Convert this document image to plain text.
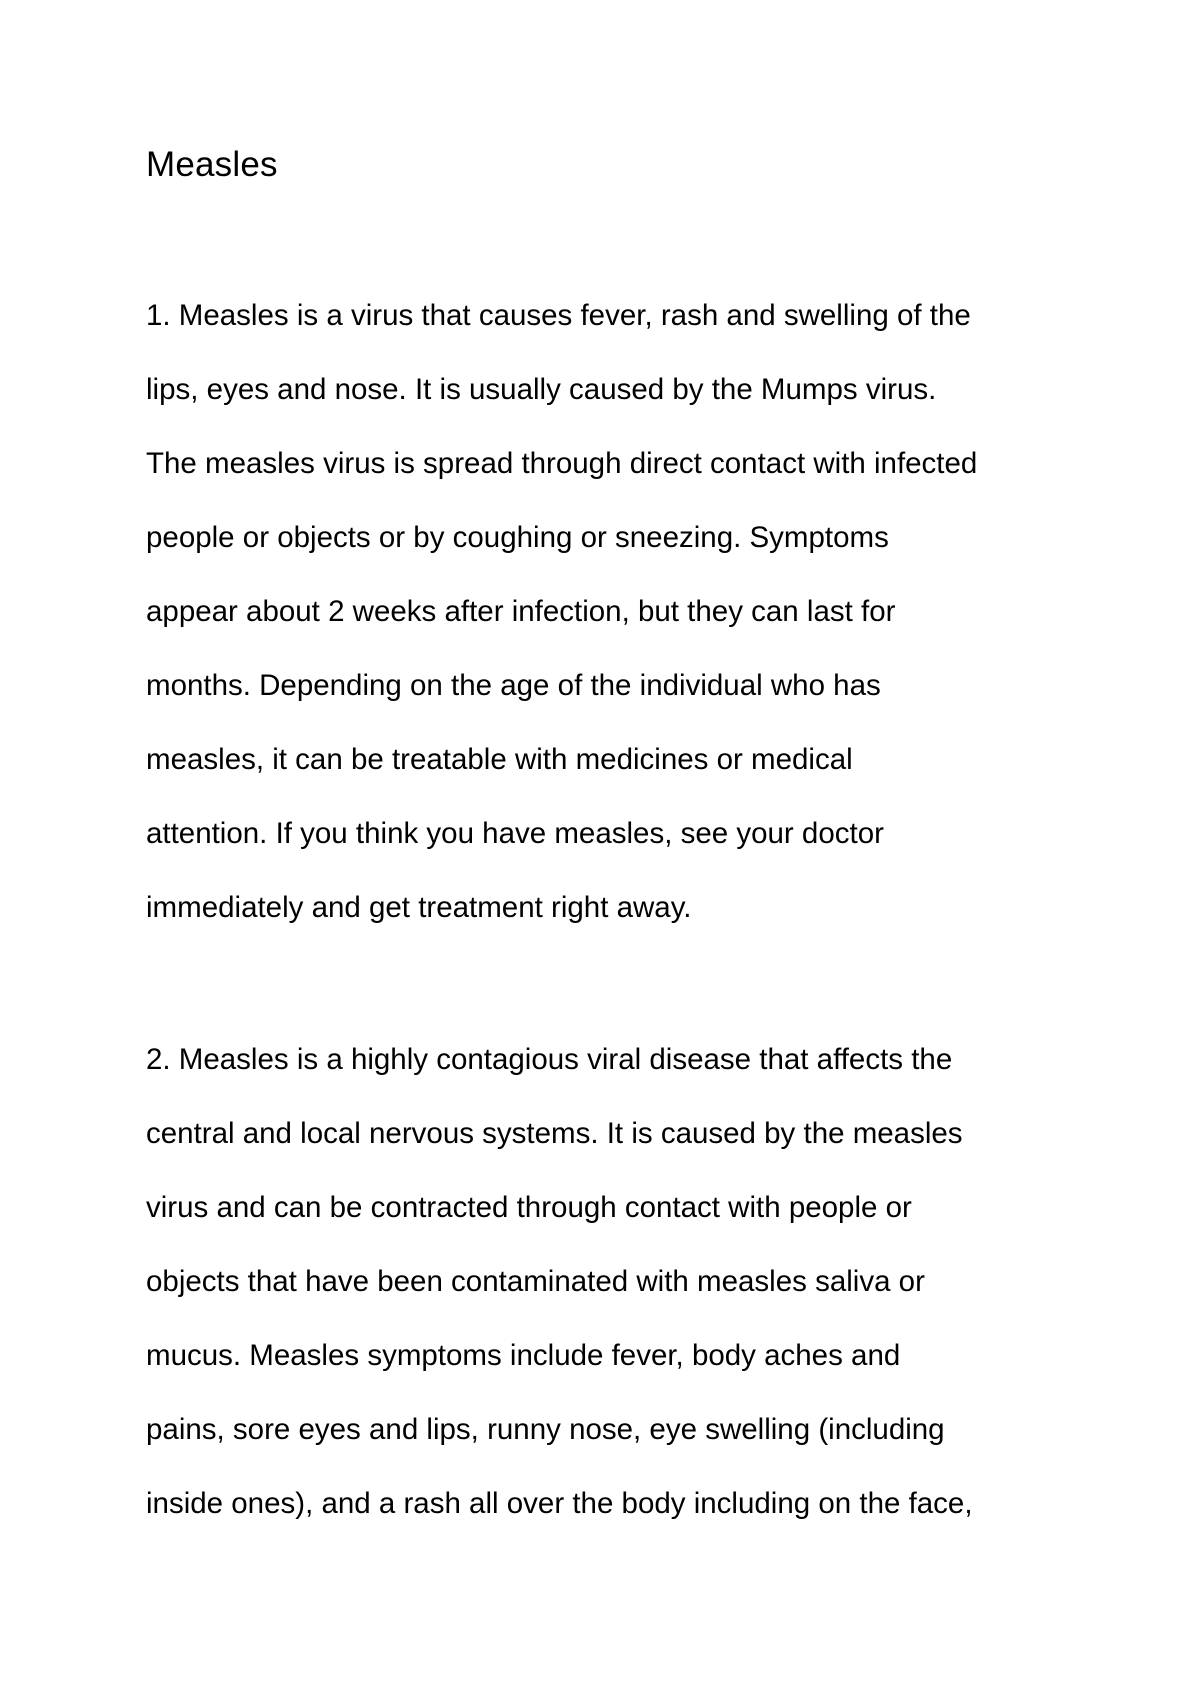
Measles
1. Measles is a virus that causes fever, rash and swelling of the
lips, eyes and nose. It is usually caused by the Mumps virus.
The measles virus is spread through direct contact with infected
people or objects or by coughing or sneezing. Symptoms
appear about 2 weeks after infection, but they can last for
months. Depending on the age of the individual who has
measles, it can be treatable with medicines or medical
attention. If you think you have measles, see your doctor
immediately and get treatment right away.
2. Measles is a highly contagious viral disease that affects the
central and local nervous systems. It is caused by the measles
virus and can be contracted through contact with people or
objects that have been contaminated with measles saliva or
mucus. Measles symptoms include fever, body aches and
pains, sore eyes and lips, runny nose, eye swelling (including
inside ones), and a rash all over the body including on the face,
